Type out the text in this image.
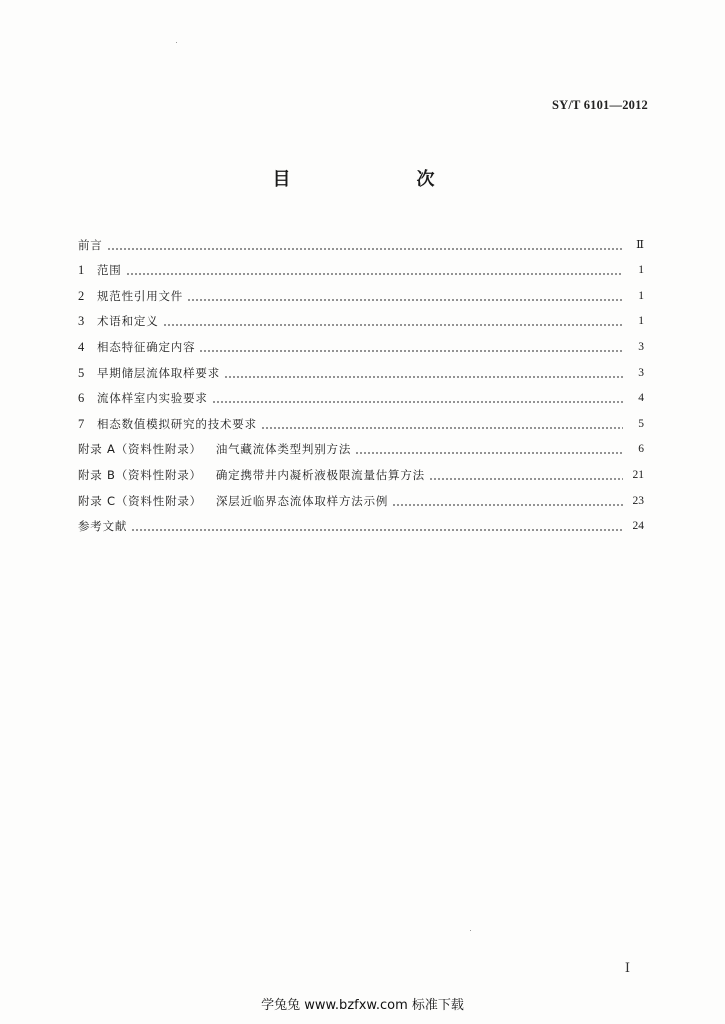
SY/T 6101—2012
目　　次
前言	Ⅱ
1	范围	1
2	规范性引用文件	1
3	术语和定义	1
4	相态特征确定内容	3
5	早期储层流体取样要求	3
6	流体样室内实验要求	4
7	相态数值模拟研究的技术要求	5
附录 A（资料性附录） 油气藏流体类型判别方法	6
附录 B（资料性附录） 确定携带井内凝析液极限流量估算方法	21
附录 C（资料性附录） 深层近临界态流体取样方法示例	23
参考文献	24
Ⅰ
学兔兔 www.bzfxw.com 标准下载
